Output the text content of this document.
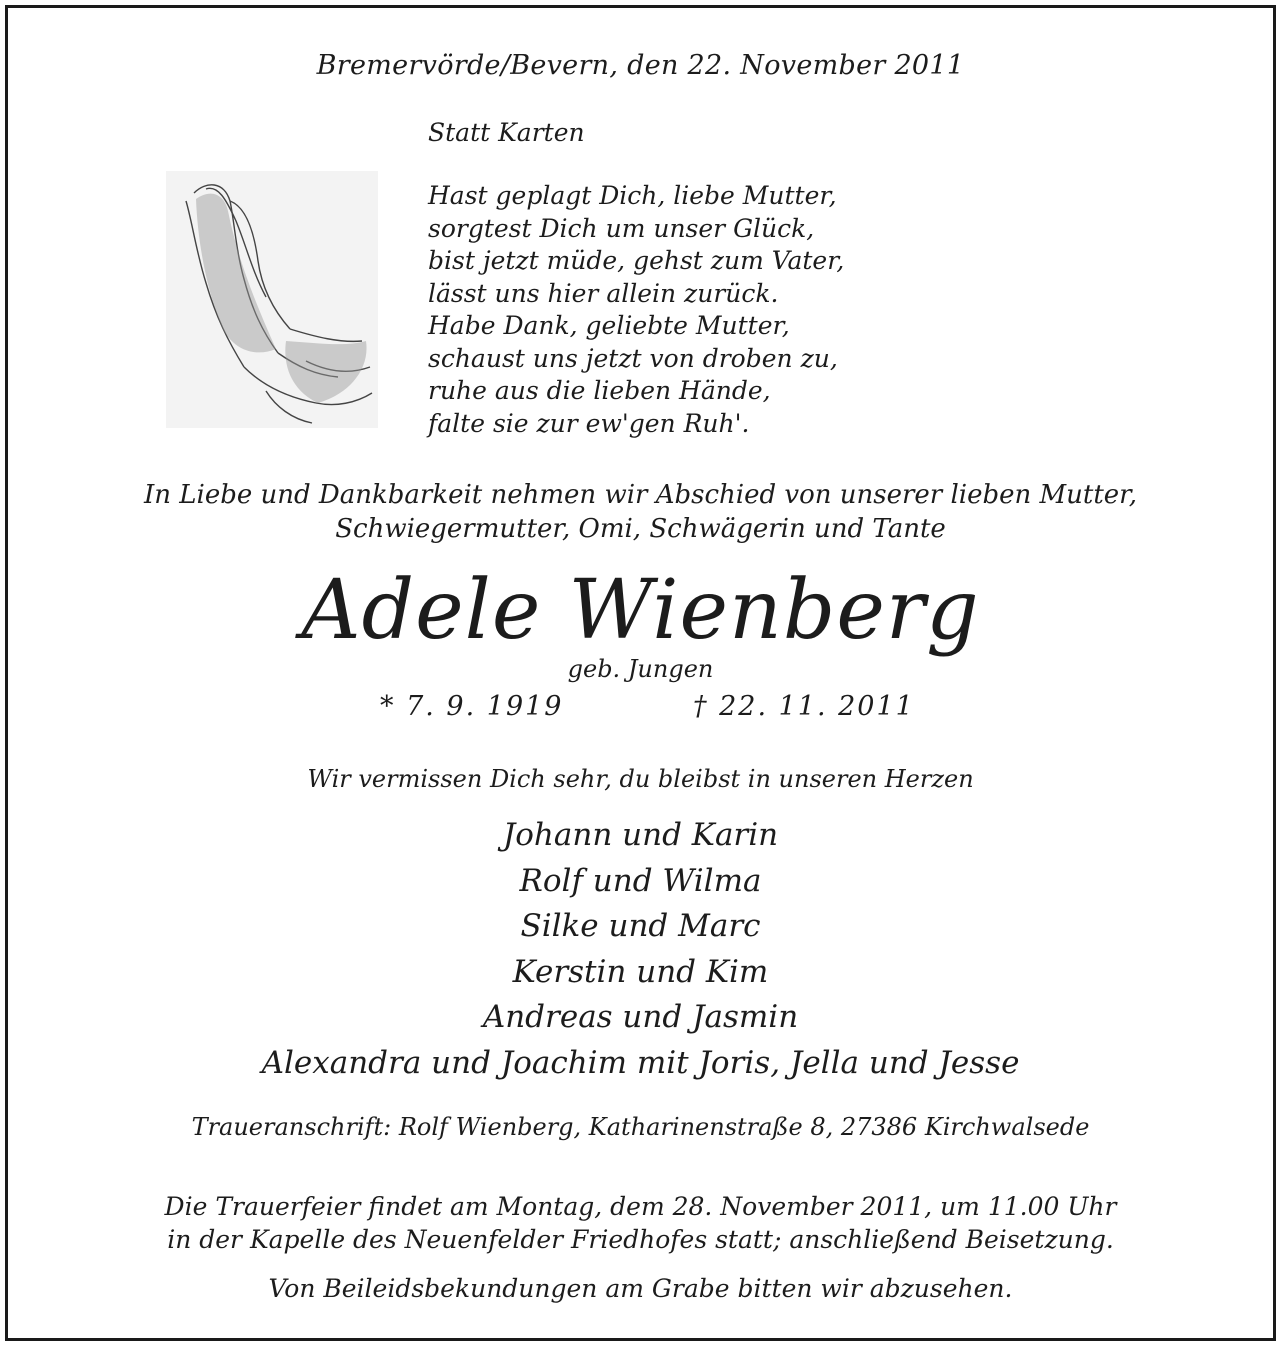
Bremervörde/Bevern, den 22. November 2011
Statt Karten
Hast geplagt Dich, liebe Mutter,
sorgtest Dich um unser Glück,
bist jetzt müde, gehst zum Vater,
lässt uns hier allein zurück.
Habe Dank, geliebte Mutter,
schaust uns jetzt von droben zu,
ruhe aus die lieben Hände,
falte sie zur ew'gen Ruh'.
In Liebe und Dankbarkeit nehmen wir Abschied von unserer lieben Mutter,
Schwiegermutter, Omi, Schwägerin und Tante
Adele Wienberg
geb. Jungen
* 7. 9. 1919	† 22. 11. 2011
Wir vermissen Dich sehr, du bleibst in unseren Herzen
Johann und Karin
Rolf und Wilma
Silke und Marc
Kerstin und Kim
Andreas und Jasmin
Alexandra und Joachim mit Joris, Jella und Jesse
Traueranschrift: Rolf Wienberg, Katharinenstraße 8, 27386 Kirchwalsede
Die Trauerfeier findet am Montag, dem 28. November 2011, um 11.00 Uhr
in der Kapelle des Neuenfelder Friedhofes statt; anschließend Beisetzung.
Von Beileidsbekundungen am Grabe bitten wir abzusehen.
